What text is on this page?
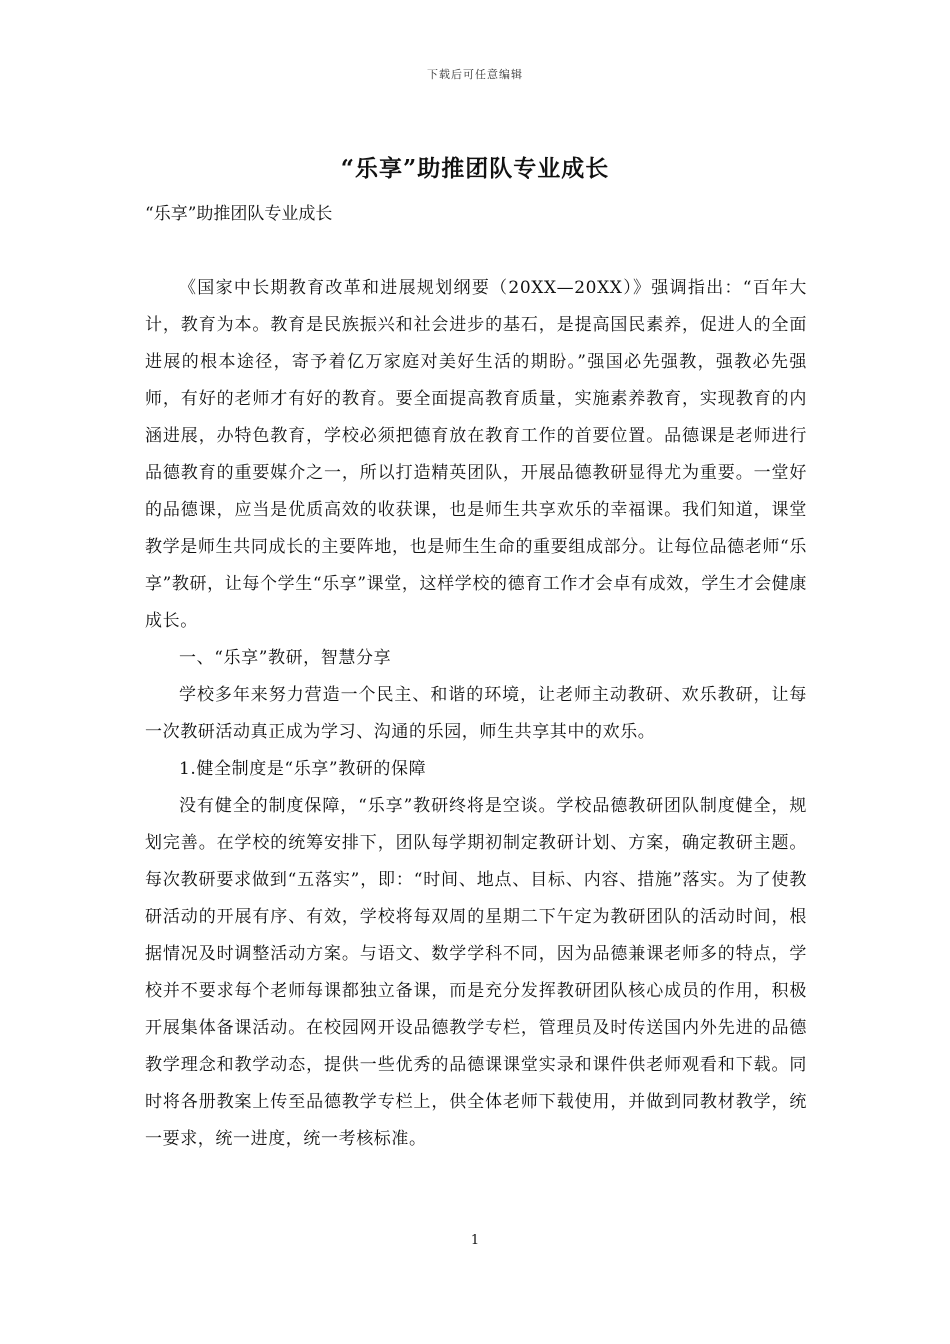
下载后可任意编辑
“乐享”助推团队专业成长

“乐享”助推团队专业成长

《国家中长期教育改革和进展规划纲要（20XX—20XX）》强调指出：“百年大计，教育为本。教育是民族振兴和社会进步的基石，是提高国民素养，促进人的全面进展的根本途径，寄予着亿万家庭对美好生活的期盼。”强国必先强教，强教必先强师，有好的老师才有好的教育。要全面提高教育质量，实施素养教育，实现教育的内涵进展，办特色教育，学校必须把德育放在教育工作的首要位置。品德课是老师进行品德教育的重要媒介之一，所以打造精英团队，开展品德教研显得尤为重要。一堂好的品德课，应当是优质高效的收获课，也是师生共享欢乐的幸福课。我们知道，课堂教学是师生共同成长的主要阵地，也是师生生命的重要组成部分。让每位品德老师“乐享”教研，让每个学生“乐享”课堂，这样学校的德育工作才会卓有成效，学生才会健康成长。

一、“乐享”教研，智慧分享

学校多年来努力营造一个民主、和谐的环境，让老师主动教研、欢乐教研，让每一次教研活动真正成为学习、沟通的乐园，师生共享其中的欢乐。

1.健全制度是“乐享”教研的保障

没有健全的制度保障，“乐享”教研终将是空谈。学校品德教研团队制度健全，规划完善。在学校的统筹安排下，团队每学期初制定教研计划、方案，确定教研主题。每次教研要求做到“五落实”，即：“时间、地点、目标、内容、措施”落实。为了使教研活动的开展有序、有效，学校将每双周的星期二下午定为教研团队的活动时间，根据情况及时调整活动方案。与语文、数学学科不同，因为品德兼课老师多的特点，学校并不要求每个老师每课都独立备课，而是充分发挥教研团队核心成员的作用，积极开展集体备课活动。在校园网开设品德教学专栏，管理员及时传送国内外先进的品德教学理念和教学动态，提供一些优秀的品德课课堂实录和课件供老师观看和下载。同时将各册教案上传至品德教学专栏上，供全体老师下载使用，并做到同教材教学，统一要求，统一进度，统一考核标准。

1
